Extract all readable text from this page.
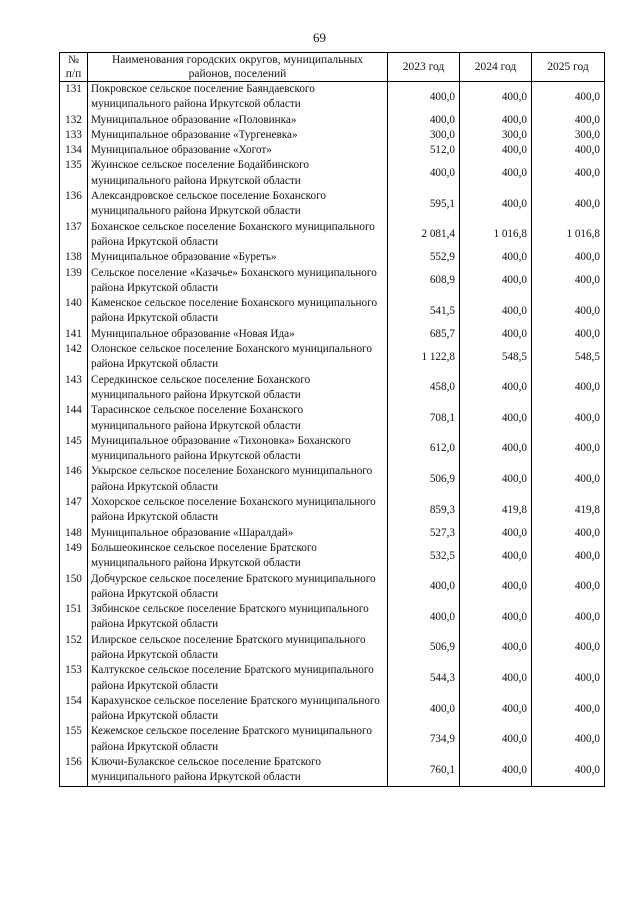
69
№ п/п	Наименования городских округов, муниципальных районов, поселений	2023 год	2024 год	2025 год
131	Покровское сельское поселение Баяндаевского муниципального района Иркутской области	400,0	400,0	400,0
132	Муниципальное образование «Половинка»	400,0	400,0	400,0
133	Муниципальное образование «Тургеневка»	300,0	300,0	300,0
134	Муниципальное образование «Хогот»	512,0	400,0	400,0
135	Жуинское сельское поселение Бодайбинского муниципального района Иркутской области	400,0	400,0	400,0
136	Александровское сельское поселение Боханского муниципального района Иркутской области	595,1	400,0	400,0
137	Боханское сельское поселение Боханского муниципального района Иркутской области	2 081,4	1 016,8	1 016,8
138	Муниципальное образование «Буреть»	552,9	400,0	400,0
139	Сельское поселение «Казачье» Боханского муниципального района Иркутской области	608,9	400,0	400,0
140	Каменское сельское поселение Боханского муниципального района Иркутской области	541,5	400,0	400,0
141	Муниципальное образование «Новая Ида»	685,7	400,0	400,0
142	Олонское сельское поселение Боханского муниципального района Иркутской области	1 122,8	548,5	548,5
143	Середкинское сельское поселение Боханского муниципального района Иркутской области	458,0	400,0	400,0
144	Тарасинское сельское поселение Боханского муниципального района Иркутской области	708,1	400,0	400,0
145	Муниципальное образование «Тихоновка» Боханского муниципального района Иркутской области	612,0	400,0	400,0
146	Укырское сельское поселение Боханского муниципального района Иркутской области	506,9	400,0	400,0
147	Хохорское сельское поселение Боханского муниципального района Иркутской области	859,3	419,8	419,8
148	Муниципальное образование «Шаралдай»	527,3	400,0	400,0
149	Большеокинское сельское поселение Братского муниципального района Иркутской области	532,5	400,0	400,0
150	Добчурское сельское поселение Братского муниципального района Иркутской области	400,0	400,0	400,0
151	Зябинское сельское поселение Братского муниципального района Иркутской области	400,0	400,0	400,0
152	Илирское сельское поселение Братского муниципального района Иркутской области	506,9	400,0	400,0
153	Калтукское сельское поселение Братского муниципального района Иркутской области	544,3	400,0	400,0
154	Карахунское сельское поселение Братского муниципального района Иркутской области	400,0	400,0	400,0
155	Кежемское сельское поселение Братского муниципального района Иркутской области	734,9	400,0	400,0
156	Ключи-Булакское сельское поселение Братского муниципального района Иркутской области	760,1	400,0	400,0
